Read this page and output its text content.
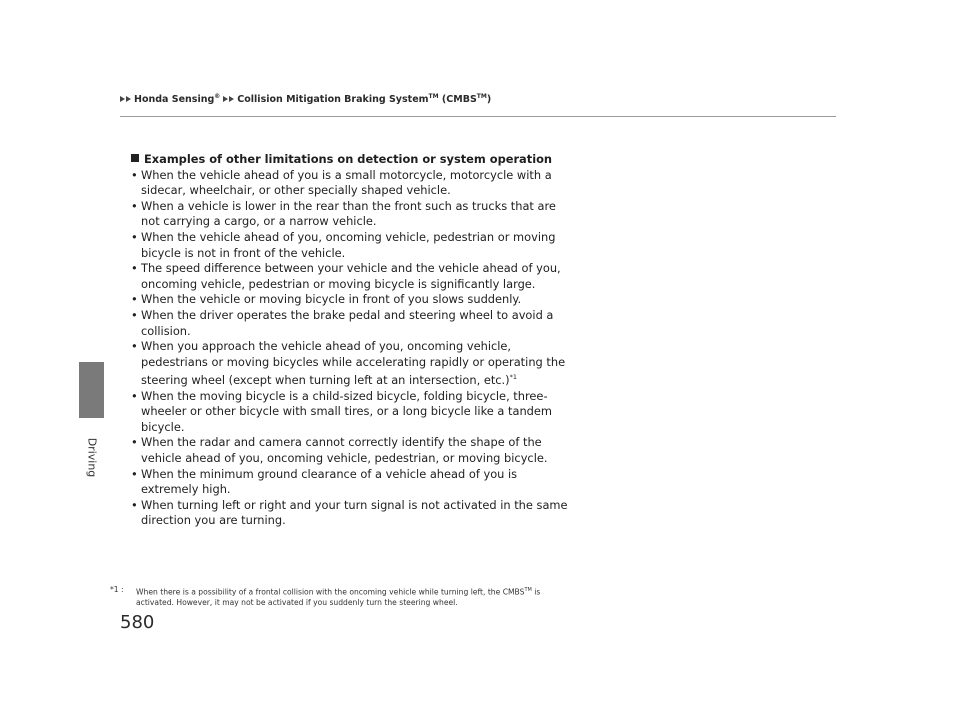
Honda Sensing® Collision Mitigation Braking System™ (CMBS™)
Driving
Examples of other limitations on detection or system operation
• When the vehicle ahead of you is a small motorcycle, motorcycle with a sidecar, wheelchair, or other specially shaped vehicle.
• When a vehicle is lower in the rear than the front such as trucks that are not carrying a cargo, or a narrow vehicle.
• When the vehicle ahead of you, oncoming vehicle, pedestrian or moving bicycle is not in front of the vehicle.
• The speed difference between your vehicle and the vehicle ahead of you, oncoming vehicle, pedestrian or moving bicycle is significantly large.
• When the vehicle or moving bicycle in front of you slows suddenly.
• When the driver operates the brake pedal and steering wheel to avoid a collision.
• When you approach the vehicle ahead of you, oncoming vehicle, pedestrians or moving bicycles while accelerating rapidly or operating the steering wheel (except when turning left at an intersection, etc.)$^{*1}$
• When the moving bicycle is a child-sized bicycle, folding bicycle, three-wheeler or other bicycle with small tires, or a long bicycle like a tandem bicycle.
• When the radar and camera cannot correctly identify the shape of the vehicle ahead of you, oncoming vehicle, pedestrian, or moving bicycle.
• When the minimum ground clearance of a vehicle ahead of you is extremely high.
• When turning left or right and your turn signal is not activated in the same direction you are turning.
*1 :	When there is a possibility of a frontal collision with the oncoming vehicle while turning left, the CMBS™ is activated. However, it may not be activated if you suddenly turn the steering wheel.
580
